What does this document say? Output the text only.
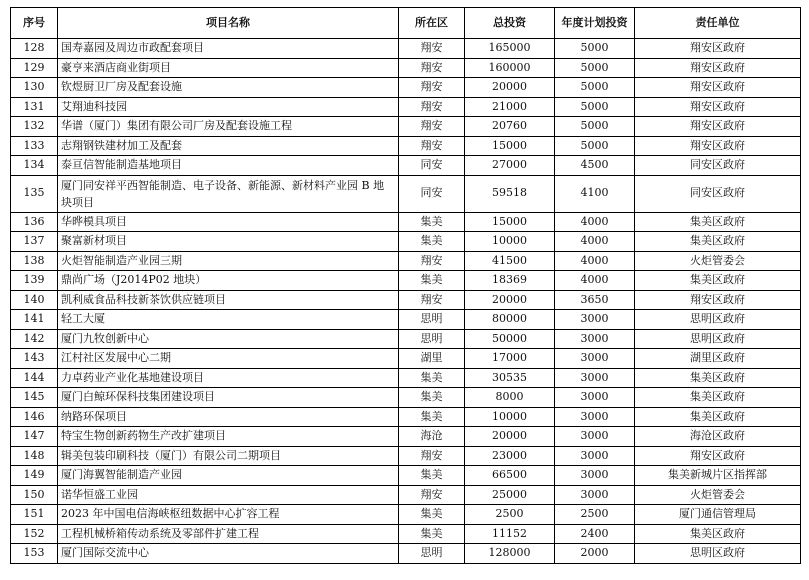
序号	项目名称	所在区	总投资	年度计划投资	责任单位
128	国寿嘉园及周边市政配套项目	翔安	165000	5000	翔安区政府
129	豪亨来酒店商业街项目	翔安	160000	5000	翔安区政府
130	钦煜厨卫厂房及配套设施	翔安	20000	5000	翔安区政府
131	艾翔迪科技园	翔安	21000	5000	翔安区政府
132	华谱（厦门）集团有限公司厂房及配套设施工程	翔安	20760	5000	翔安区政府
133	志翔钢铁建材加工及配套	翔安	15000	5000	翔安区政府
134	泰亘信智能制造基地项目	同安	27000	4500	同安区政府
135	厦门同安祥平西智能制造、电子设备、新能源、新材料产业园 B 地块项目	同安	59518	4100	同安区政府
136	华晔模具项目	集美	15000	4000	集美区政府
137	聚富新材项目	集美	10000	4000	集美区政府
138	火炬智能制造产业园三期	翔安	41500	4000	火炬管委会
139	鼎尚广场（J2014P02 地块）	集美	18369	4000	集美区政府
140	凯利威食品科技新茶饮供应链项目	翔安	20000	3650	翔安区政府
141	轻工大厦	思明	80000	3000	思明区政府
142	厦门九牧创新中心	思明	50000	3000	思明区政府
143	江村社区发展中心二期	湖里	17000	3000	湖里区政府
144	力卓药业产业化基地建设项目	集美	30535	3000	集美区政府
145	厦门白鲸环保科技集团建设项目	集美	8000	3000	集美区政府
146	纳路环保项目	集美	10000	3000	集美区政府
147	特宝生物创新药物生产改扩建项目	海沧	20000	3000	海沧区政府
148	辑美包装印刷科技（厦门）有限公司二期项目	翔安	23000	3000	翔安区政府
149	厦门海翼智能制造产业园	集美	66500	3000	集美新城片区指挥部
150	诺华恒盛工业园	翔安	25000	3000	火炬管委会
151	2023 年中国电信海峡枢纽数据中心扩容工程	集美	2500	2500	厦门通信管理局
152	工程机械桥箱传动系统及零部件扩建工程	集美	11152	2400	集美区政府
153	厦门国际交流中心	思明	128000	2000	思明区政府
